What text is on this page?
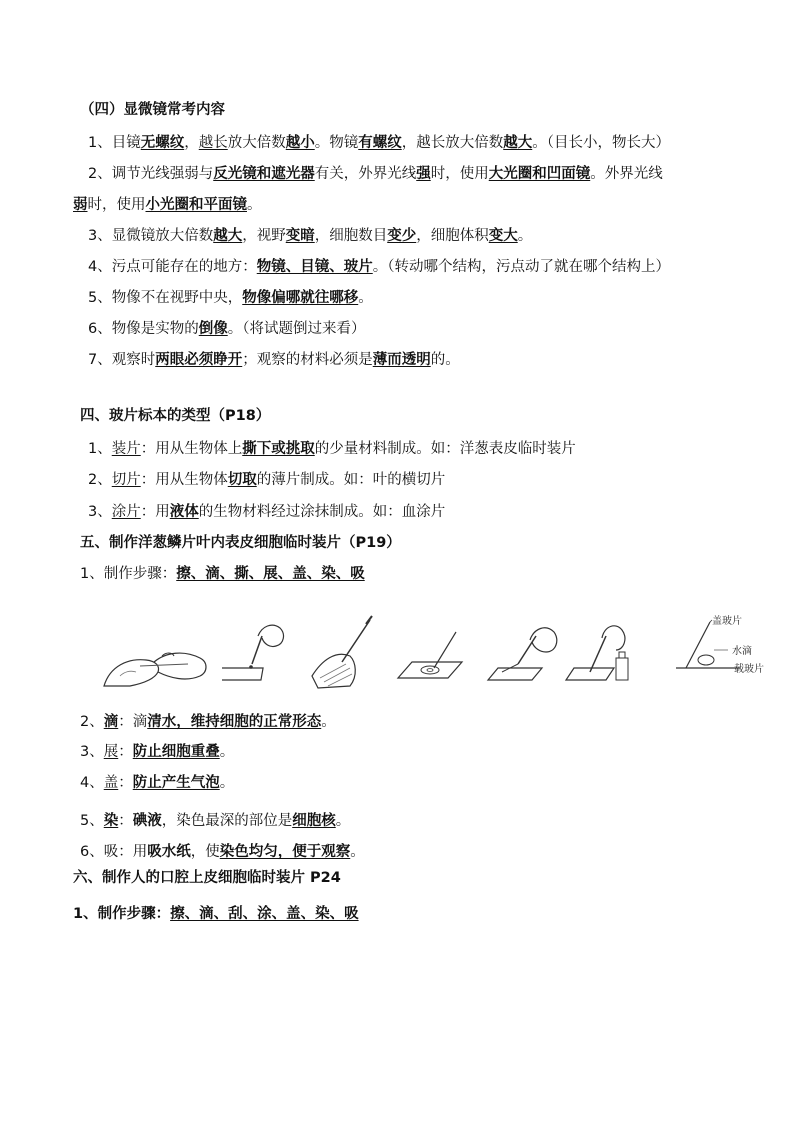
（四）显微镜常考内容
1、目镜无螺纹，越长放大倍数越小。物镜有螺纹，越长放大倍数越大。（目长小，物长大）
2、调节光线强弱与反光镜和遮光器有关，外界光线强时，使用大光圈和凹面镜。外界光线
弱时，使用小光圈和平面镜。
3、显微镜放大倍数越大，视野变暗，细胞数目变少，细胞体积变大。
4、污点可能存在的地方：物镜、目镜、玻片。（转动哪个结构，污点动了就在哪个结构上）
5、物像不在视野中央，物像偏哪就往哪移。
6、物像是实物的倒像。（将试题倒过来看）
7、观察时两眼必须睁开；观察的材料必须是薄而透明的。
四、玻片标本的类型（P18）
1、装片：用从生物体上撕下或挑取的少量材料制成。如：洋葱表皮临时装片
2、切片：用从生物体切取的薄片制成。如：叶的横切片
3、涂片：用液体的生物材料经过涂抹制成。如：血涂片
五、制作洋葱鳞片叶内表皮细胞临时装片（P19）
1、制作步骤：擦、滴、撕、展、盖、染、吸
盖玻片
水滴
载玻片
2、滴：滴清水，维持细胞的正常形态。
3、展：防止细胞重叠。
4、盖：防止产生气泡。
5、染：碘液，染色最深的部位是细胞核。
6、吸：用吸水纸，使染色均匀，便于观察。
六、制作人的口腔上皮细胞临时装片 P24
1、制作步骤：擦、滴、刮、涂、盖、染、吸
